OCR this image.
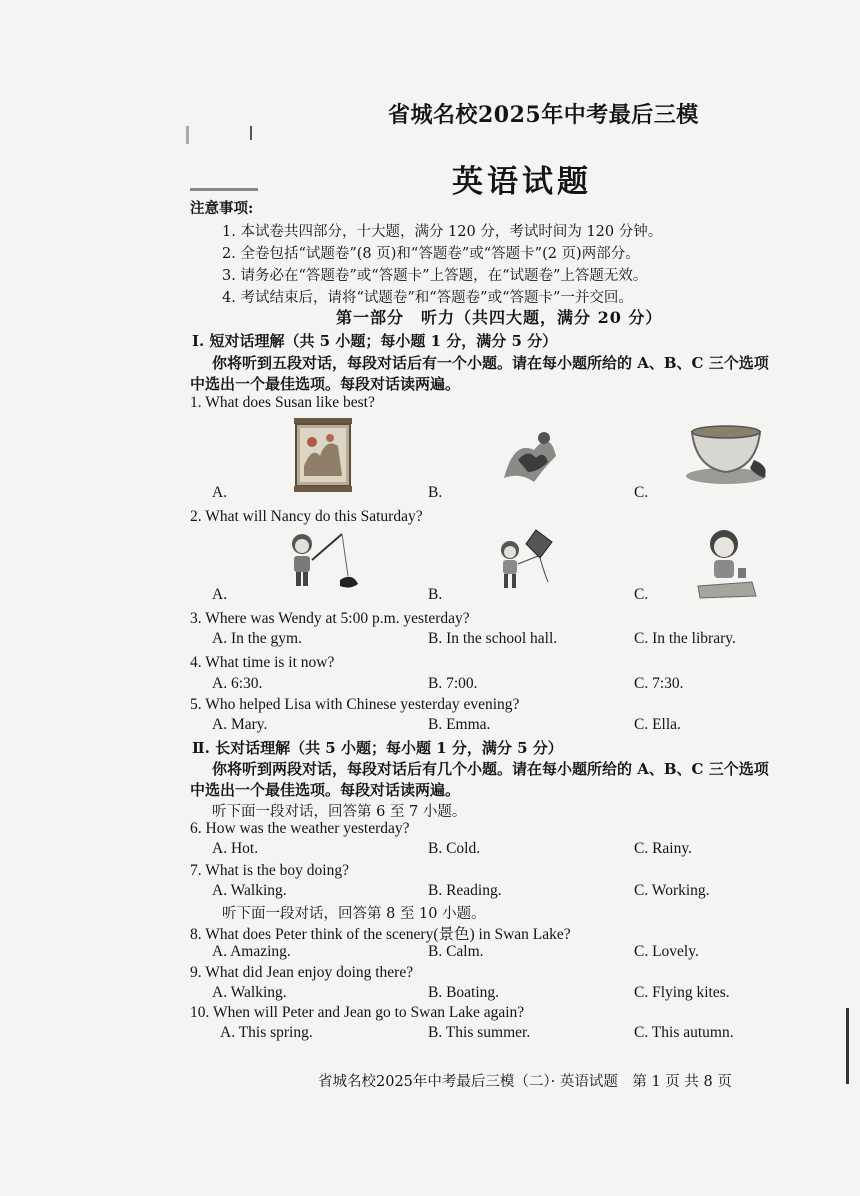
省城名校2025年中考最后三模
英语试题
注意事项:
1. 本试卷共四部分，十大题，满分 120 分，考试时间为 120 分钟。
2. 全卷包括“试题卷”(8 页)和“答题卷”或“答题卡”(2 页)两部分。
3. 请务必在“答题卷”或“答题卡”上答题，在“试题卷”上答题无效。
4. 考试结束后，请将“试题卷”和“答题卷”或“答题卡”一并交回。
第一部分　听力（共四大题，满分 20 分）
Ⅰ. 短对话理解（共 5 小题；每小题 1 分，满分 5 分）
你将听到五段对话，每段对话后有一个小题。请在每小题所给的 A、B、C 三个选项
中选出一个最佳选项。每段对话读两遍。
1. What does Susan like best?
A.	B.	C.
2. What will Nancy do this Saturday?
A.	B.	C.
3. Where was Wendy at 5:00 p.m. yesterday?
A. In the gym.	B. In the school hall.	C. In the library.
4. What time is it now?
A. 6:30.	B. 7:00.	C. 7:30.
5. Who helped Lisa with Chinese yesterday evening?
A. Mary.	B. Emma.	C. Ella.
Ⅱ. 长对话理解（共 5 小题；每小题 1 分，满分 5 分）
你将听到两段对话，每段对话后有几个小题。请在每小题所给的 A、B、C 三个选项
中选出一个最佳选项。每段对话读两遍。
听下面一段对话，回答第 6 至 7 小题。
6. How was the weather yesterday?
A. Hot.	B. Cold.	C. Rainy.
7. What is the boy doing?
A. Walking.	B. Reading.	C. Working.
听下面一段对话，回答第 8 至 10 小题。
8. What does Peter think of the scenery(景色) in Swan Lake?
A. Amazing.	B. Calm.	C. Lovely.
9. What did Jean enjoy doing there?
A. Walking.	B. Boating.	C. Flying kites.
10. When will Peter and Jean go to Swan Lake again?
A. This spring.	B. This summer.	C. This autumn.
省城名校2025年中考最后三模（二）· 英语试题　第 1 页 共 8 页
